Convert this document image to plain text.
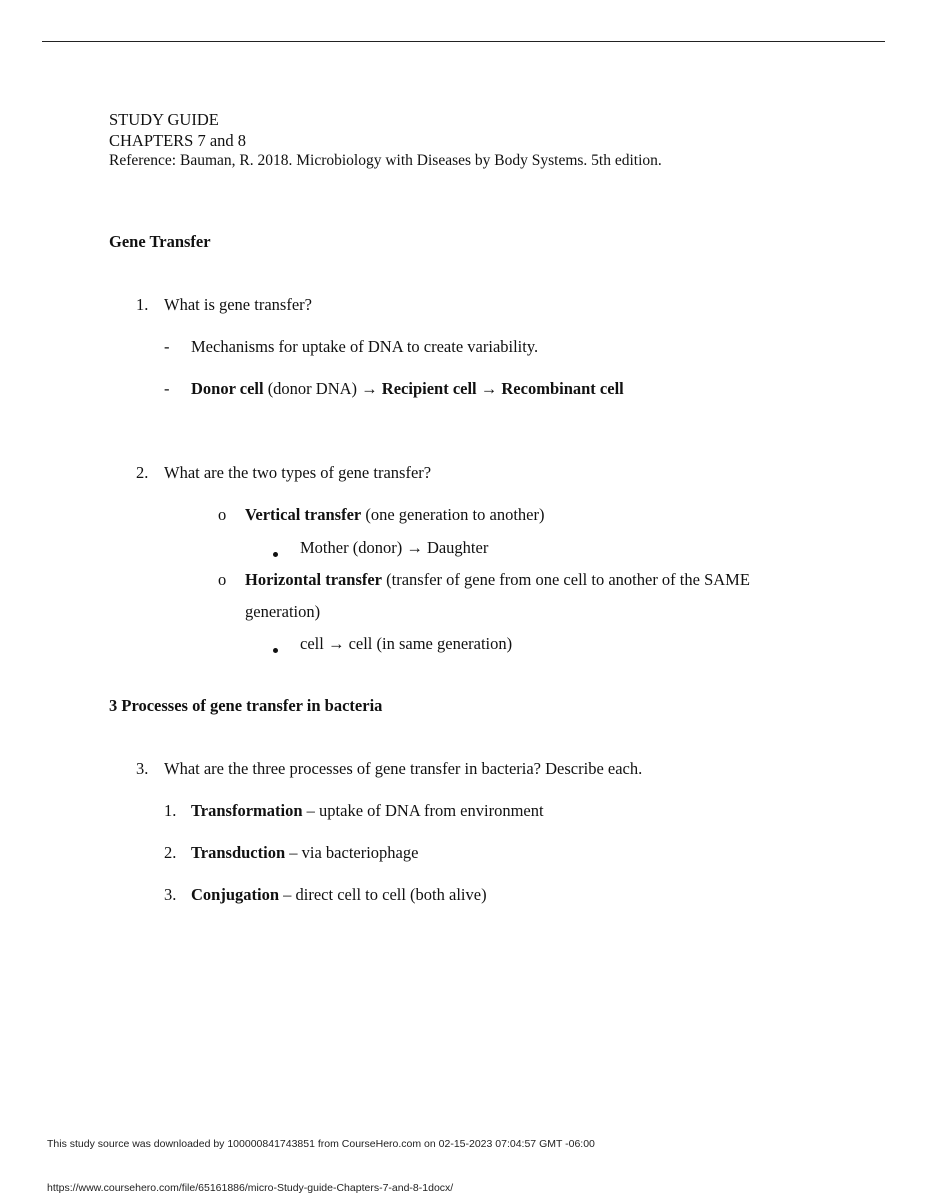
STUDY GUIDE
CHAPTERS 7 and 8
Reference: Bauman, R. 2018. Microbiology with Diseases by Body Systems. 5th edition.
Gene Transfer
1. What is gene transfer?
- Mechanisms for uptake of DNA to create variability.
- Donor cell (donor DNA) → Recipient cell → Recombinant cell
2. What are the two types of gene transfer?
o Vertical transfer (one generation to another)
Mother (donor) → Daughter
o Horizontal transfer (transfer of gene from one cell to another of the SAME
generation)
cell → cell (in same generation)
3 Processes of gene transfer in bacteria
3. What are the three processes of gene transfer in bacteria? Describe each.
1. Transformation – uptake of DNA from environment
2. Transduction – via bacteriophage
3. Conjugation – direct cell to cell (both alive)
This study source was downloaded by 100000841743851 from CourseHero.com on 02-15-2023 07:04:57 GMT -06:00
https://www.coursehero.com/file/65161886/micro-Study-guide-Chapters-7-and-8-1docx/
